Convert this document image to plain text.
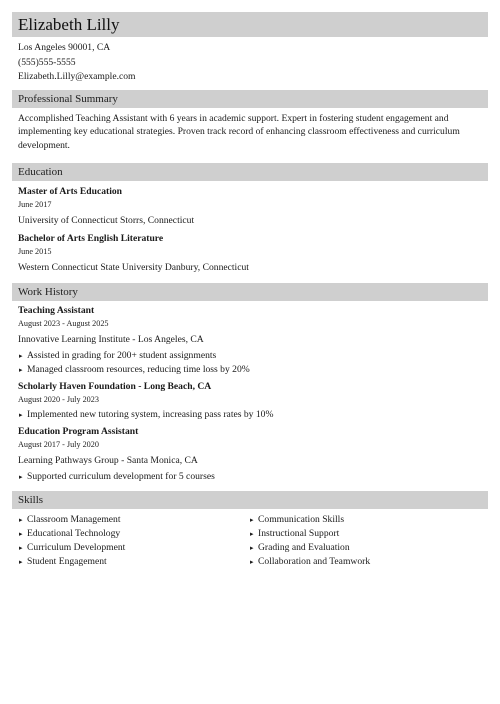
Elizabeth Lilly
Los Angeles 90001, CA
(555)555-5555
Elizabeth.Lilly@example.com
Professional Summary
Accomplished Teaching Assistant with 6 years in academic support. Expert in fostering student engagement and implementing key educational strategies. Proven track record of enhancing classroom effectiveness and curriculum development.
Education
Master of Arts Education
June 2017
University of Connecticut Storrs, Connecticut
Bachelor of Arts English Literature
June 2015
Western Connecticut State University Danbury, Connecticut
Work History
Teaching Assistant
August 2023 - August 2025
Innovative Learning Institute - Los Angeles, CA
▸ Assisted in grading for 200+ student assignments
▸ Managed classroom resources, reducing time loss by 20%
Scholarly Haven Foundation - Long Beach, CA
August 2020 - July 2023
▸ Implemented new tutoring system, increasing pass rates by 10%
Education Program Assistant
August 2017 - July 2020
Learning Pathways Group - Santa Monica, CA
▸ Supported curriculum development for 5 courses
Skills
▸ Classroom Management
▸ Educational Technology
▸ Curriculum Development
▸ Student Engagement
▸ Communication Skills
▸ Instructional Support
▸ Grading and Evaluation
▸ Collaboration and Teamwork
